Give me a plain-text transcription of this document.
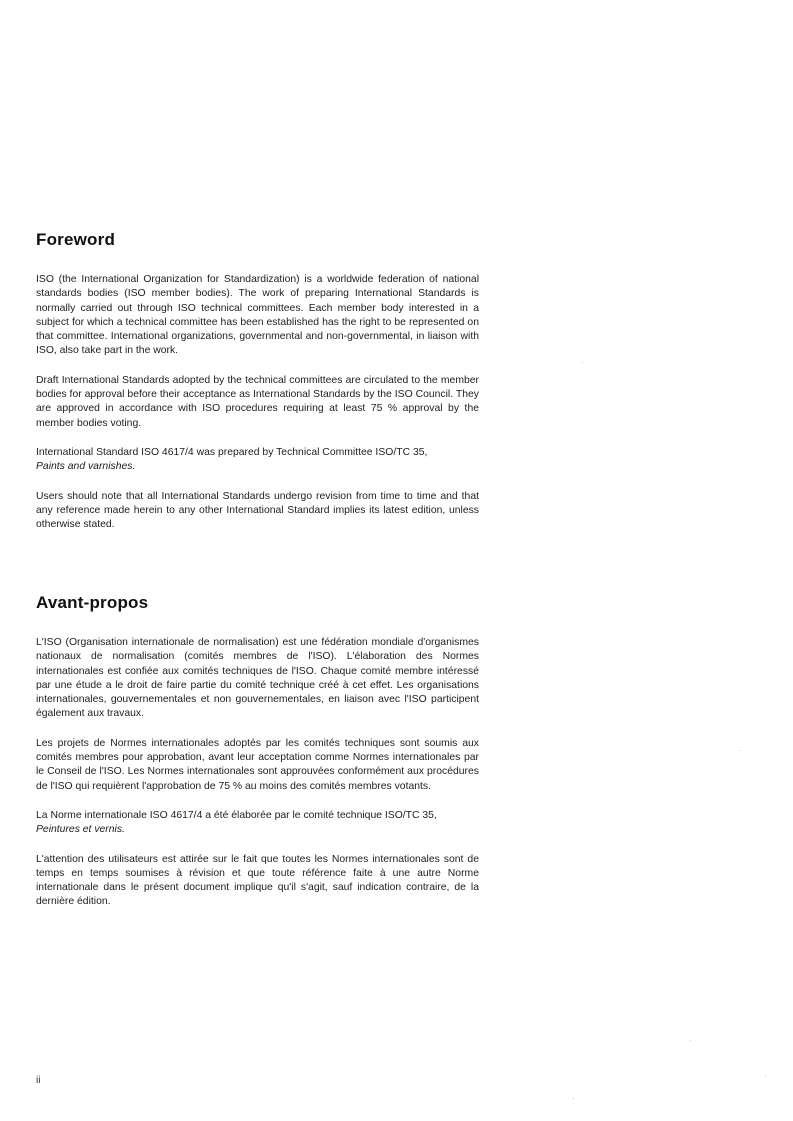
Foreword

ISO (the International Organization for Standardization) is a worldwide federation of national standards bodies (ISO member bodies). The work of preparing International Standards is normally carried out through ISO technical committees. Each member body interested in a subject for which a technical committee has been established has the right to be represented on that committee. International organizations, governmental and non-governmental, in liaison with ISO, also take part in the work.

Draft International Standards adopted by the technical committees are circulated to the member bodies for approval before their acceptance as International Standards by the ISO Council. They are approved in accordance with ISO procedures requiring at least 75 % approval by the member bodies voting.

International Standard ISO 4617/4 was prepared by Technical Committee ISO/TC 35,
Paints and varnishes.

Users should note that all International Standards undergo revision from time to time and that any reference made herein to any other International Standard implies its latest edition, unless otherwise stated.

Avant-propos

L'ISO (Organisation internationale de normalisation) est une fédération mondiale d'organismes nationaux de normalisation (comités membres de l'ISO). L'élaboration des Normes internationales est confiée aux comités techniques de l'ISO. Chaque comité membre intéressé par une étude a le droit de faire partie du comité technique créé à cet effet. Les organisations internationales, gouvernementales et non gouvernementales, en liaison avec l'ISO participent également aux travaux.

Les projets de Normes internationales adoptés par les comités techniques sont soumis aux comités membres pour approbation, avant leur acceptation comme Normes internationales par le Conseil de l'ISO. Les Normes internationales sont approuvées conformément aux procédures de l'ISO qui requièrent l'approbation de 75 % au moins des comités membres votants.

La Norme internationale ISO 4617/4 a été élaborée par le comité technique ISO/TC 35,
Peintures et vernis.

L'attention des utilisateurs est attirée sur le fait que toutes les Normes internationales sont de temps en temps soumises à révision et que toute référence faite à une autre Norme internationale dans le présent document implique qu'il s'agit, sauf indication contraire, de la dernière édition.

ii
